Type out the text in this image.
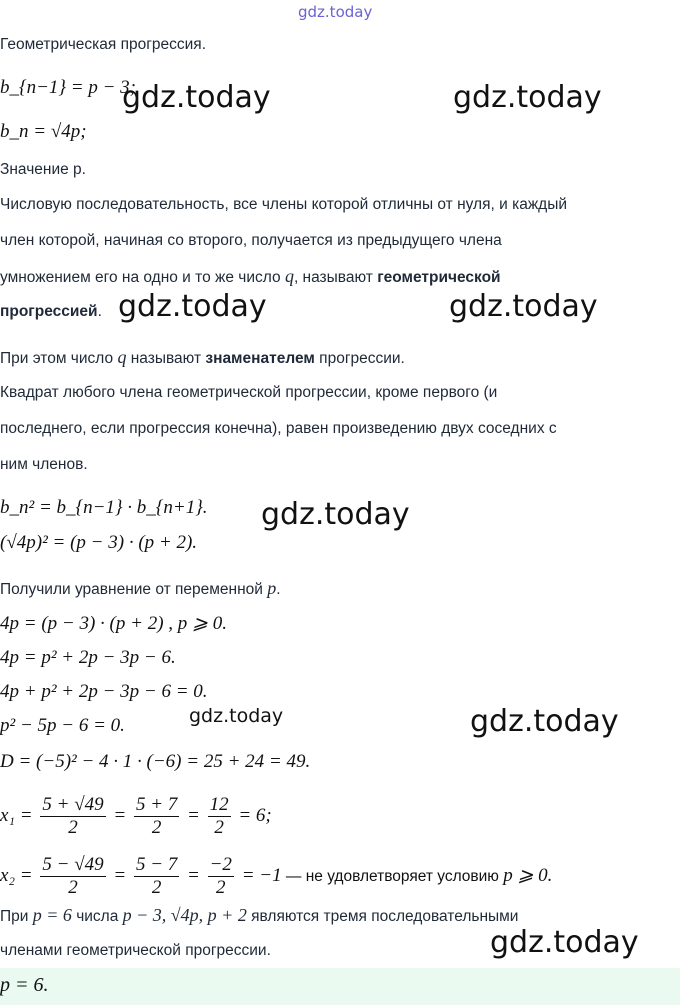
gdz.today
gdz.today	gdz.today
gdz.today	gdz.today
gdz.today
gdz.today	gdz.today
gdz.today
Геометрическая прогрессия.
b_{n−1} = p − 3;
b_n = √4p;
Значение p.
Числовую последовательность, все члены которой отличны от нуля, и каждый
член которой, начиная со второго, получается из предыдущего члена
умножением его на одно и то же число q, называют геометрической
прогрессией.
При этом число q называют знаменателем прогрессии.
Квадрат любого члена геометрической прогрессии, кроме первого (и
последнего, если прогрессия конечна), равен произведению двух соседних с
ним членов.
b_n² = b_{n−1} · b_{n+1}.
(√4p)² = (p − 3) · (p + 2).
Получили уравнение от переменной p.
4p = (p − 3) · (p + 2) , p ⩾ 0.
4p = p² + 2p − 3p − 6.
4p + p² + 2p − 3p − 6 = 0.
p² − 5p − 6 = 0.
D = (−5)² − 4 · 1 · (−6) = 25 + 24 = 49.
$x_1 = \frac{5 + √49}{2} = \frac{5 + 7}{2} = \frac{12}{2} = 6$;
$x_2 = \frac{5 - √49}{2} = \frac{5 - 7}{2} = \frac{-2}{2} = -1$ — не удовлетворяет условию p ⩾ 0.
При p = 6 числа p − 3, √4p, p + 2 являются тремя последовательными
членами геометрической прогрессии.
p = 6.
